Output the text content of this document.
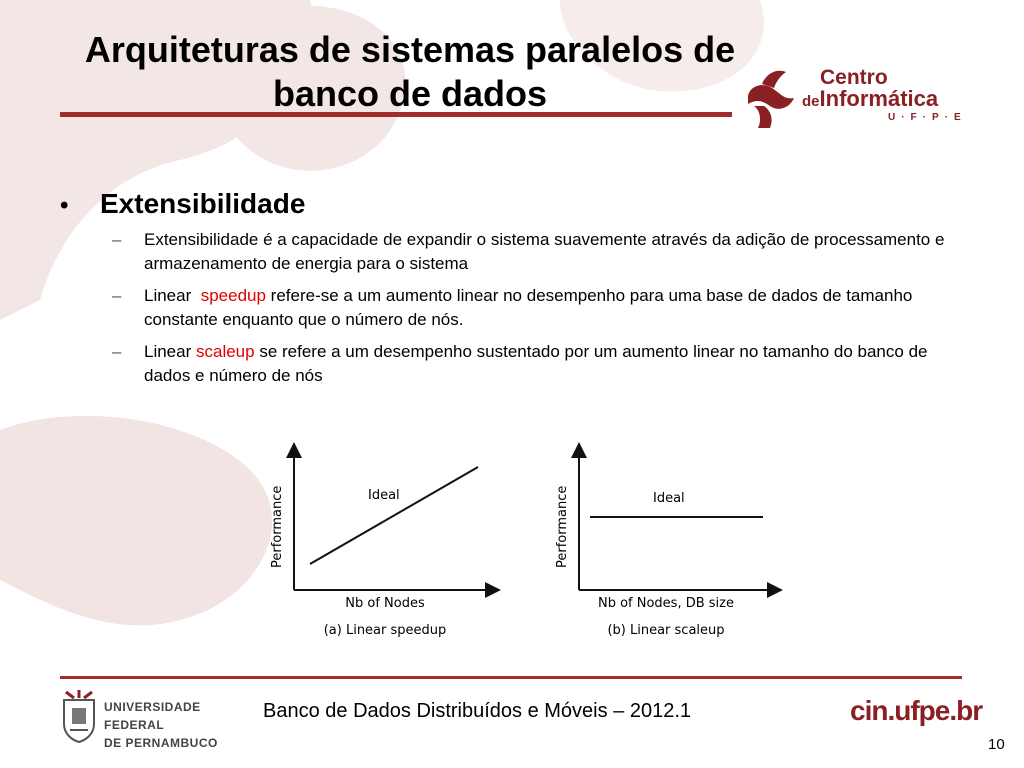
Arquiteturas de sistemas paralelos de banco de dados	Centro
deInformática
U·F·P·E
•	Extensibilidade
–	Extensibilidade é a capacidade de expandir o sistema suavemente através da adição de processamento e armazenamento de energia para o sistema
–	Linear  speedup refere-se a um aumento linear no desempenho para uma base de dados de tamanho constante enquanto que o número de nós.
–	Linear scaleup se refere a um desempenho sustentado por um aumento linear no tamanho do banco de dados e número de nós
Ideal
Performance
Nb of Nodes
(a) Linear speedup
Ideal
Performance
Nb of Nodes, DB size
(b) Linear scaleup
UNIVERSIDADE FEDERAL
DE PERNAMBUCO
Banco de Dados Distribuídos e Móveis – 2012.1	cin.ufpe.br
10
